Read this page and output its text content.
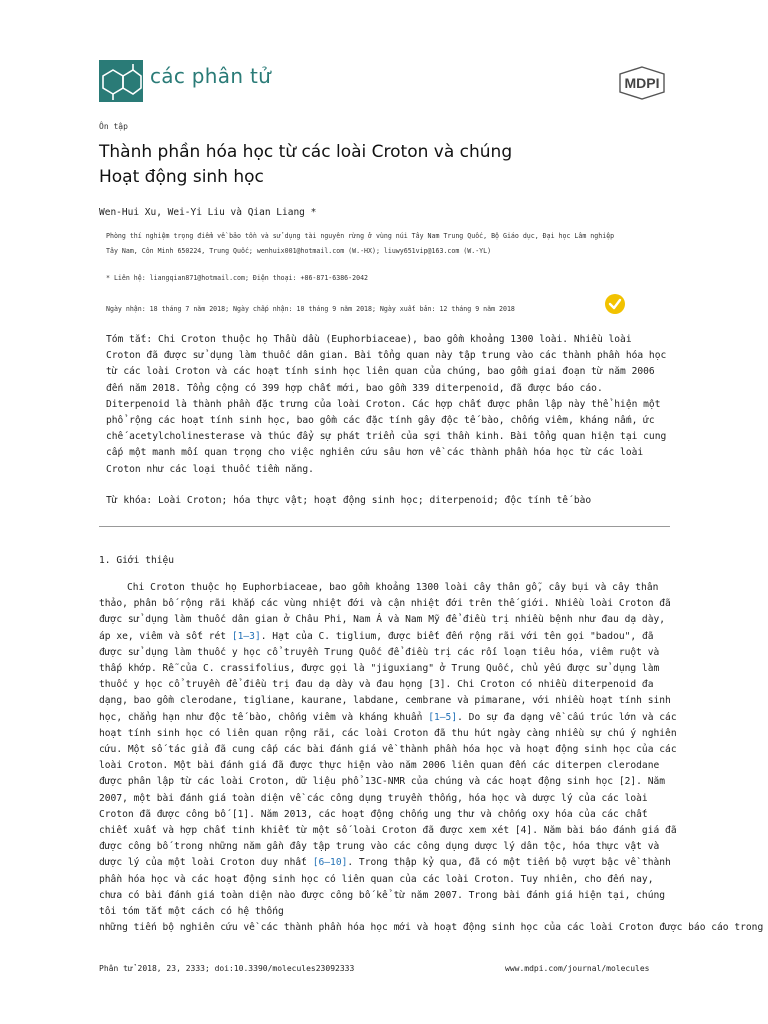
các phân tử	MDPI
Ôn tập
Thành phần hóa học từ các loài Croton và chúng
Hoạt động sinh học
Wen-Hui Xu, Wei-Yi Liu và Qian Liang *
Phòng thí nghiệm trọng điểm về bảo tồn và sử dụng tài nguyên rừng ở vùng núi Tây Nam Trung Quốc, Bộ Giáo dục, Đại học Lâm nghiệp
Tây Nam, Côn Minh 650224, Trung Quốc; wenhuix001@hotmail.com (W.-HX); liuwy651vip@163.com (W.-YL)
* Liên hệ: liangqian871@hotmail.com; Điện thoại: +86-871-6386-2042
Ngày nhận: 18 tháng 7 năm 2018; Ngày chấp nhận: 10 tháng 9 năm 2018; Ngày xuất bản: 12 tháng 9 năm 2018
Tóm tắt: Chi Croton thuộc họ Thầu dầu (Euphorbiaceae), bao gồm khoảng 1300 loài. Nhiều loài Croton đã được sử dụng làm thuốc dân gian. Bài tổng quan này tập trung vào các thành phần hóa học từ các loài Croton và các hoạt tính sinh học liên quan của chúng, bao gồm giai đoạn từ năm 2006 đến năm 2018. Tổng cộng có 399 hợp chất mới, bao gồm 339 diterpenoid, đã được báo cáo. Diterpenoid là thành phần đặc trưng của loài Croton. Các hợp chất được phân lập này thể hiện một phổ rộng các hoạt tính sinh học, bao gồm các đặc tính gây độc tế bào, chống viêm, kháng nấm, ức chế acetylcholinesterase và thúc đẩy sự phát triển của sợi thần kinh. Bài tổng quan hiện tại cung cấp một manh mối quan trọng cho việc nghiên cứu sâu hơn về các thành phần hóa học từ các loài Croton như các loại thuốc tiềm năng.
Từ khóa: Loài Croton; hóa thực vật; hoạt động sinh học; diterpenoid; độc tính tế bào
1. Giới thiệu

Chi Croton thuộc họ Euphorbiaceae, bao gồm khoảng 1300 loài cây thân gỗ, cây bụi và cây thân thảo, phân bố rộng rãi khắp các vùng nhiệt đới và cận nhiệt đới trên thế giới. Nhiều loài Croton đã được sử dụng làm thuốc dân gian ở Châu Phi, Nam Á và Nam Mỹ để điều trị nhiều bệnh như đau dạ dày, áp xe, viêm và sốt rét [1–3]. Hạt của C. tiglium, được biết đến rộng rãi với tên gọi "badou", đã được sử dụng làm thuốc y học cổ truyền Trung Quốc để điều trị các rối loạn tiêu hóa, viêm ruột và thấp khớp. Rễ của C. crassifolius, được gọi là "jiguxiang" ở Trung Quốc, chủ yếu được sử dụng làm thuốc y học cổ truyền để điều trị đau dạ dày và đau họng [3]. Chi Croton có nhiều diterpenoid đa dạng, bao gồm clerodane, tigliane, kaurane, labdane, cembrane và pimarane, với nhiều hoạt tính sinh học, chẳng hạn như độc tế bào, chống viêm và kháng khuẩn [1–5]. Do sự đa dạng về cấu trúc lớn và các hoạt tính sinh học có liên quan rộng rãi, các loài Croton đã thu hút ngày càng nhiều sự chú ý nghiên cứu. Một số tác giả đã cung cấp các bài đánh giá về thành phần hóa học và hoạt động sinh học của các loài Croton. Một bài đánh giá đã được thực hiện vào năm 2006 liên quan đến các diterpen clerodane được phân lập từ các loài Croton, dữ liệu phổ 13C-NMR của chúng và các hoạt động sinh học [2]. Năm 2007, một bài đánh giá toàn diện về các công dụng truyền thống, hóa học và dược lý của các loài Croton đã được công bố [1]. Năm 2013, các hoạt động chống ung thư và chống oxy hóa của các chất chiết xuất và hợp chất tinh khiết từ một số loài Croton đã được xem xét [4]. Năm bài báo đánh giá đã được công bố trong những năm gần đây tập trung vào các công dụng dược lý dân tộc, hóa thực vật và dược lý của một loài Croton duy nhất [6–10]. Trong thập kỷ qua, đã có một tiến bộ vượt bậc về thành phần hóa học và các hoạt động sinh học có liên quan của các loài Croton. Tuy nhiên, cho đến nay, chưa có bài đánh giá toàn diện nào được công bố kể từ năm 2007. Trong bài đánh giá hiện tại, chúng tôi tóm tắt một cách có hệ thống

những tiến bộ nghiên cứu về các thành phần hóa học mới và hoạt động sinh học của các loài Croton được báo cáo trong
Phân tử 2018, 23, 2333; doi:10.3390/molecules23092333	www.mdpi.com/journal/molecules
